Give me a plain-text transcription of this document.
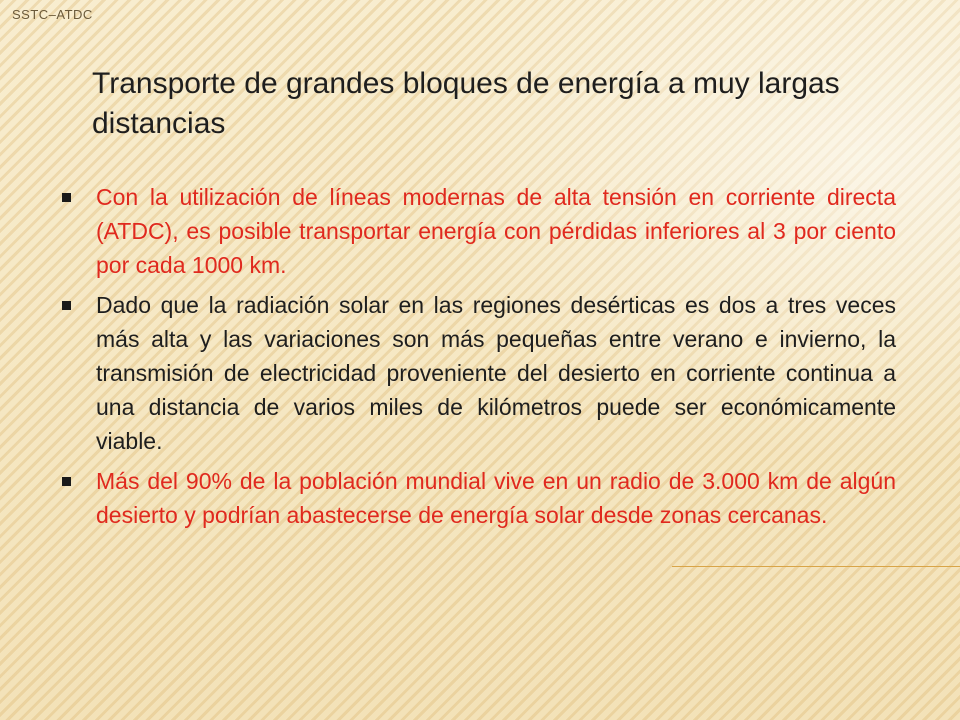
SSTC–ATDC
Transporte de grandes bloques de energía a muy largas distancias
Con la utilización de líneas modernas de alta tensión en corriente directa (ATDC), es posible transportar energía con pérdidas inferiores al 3 por ciento por cada 1000 km.
Dado que la radiación solar en las regiones desérticas es dos a tres veces más alta y las variaciones son más pequeñas entre verano e invierno, la transmisión de electricidad proveniente del desierto en corriente continua a una distancia de varios miles de kilómetros puede ser económicamente viable.
Más del 90% de la población mundial vive en un radio de 3.000 km de algún desierto y podrían abastecerse de energía solar desde zonas cercanas.
